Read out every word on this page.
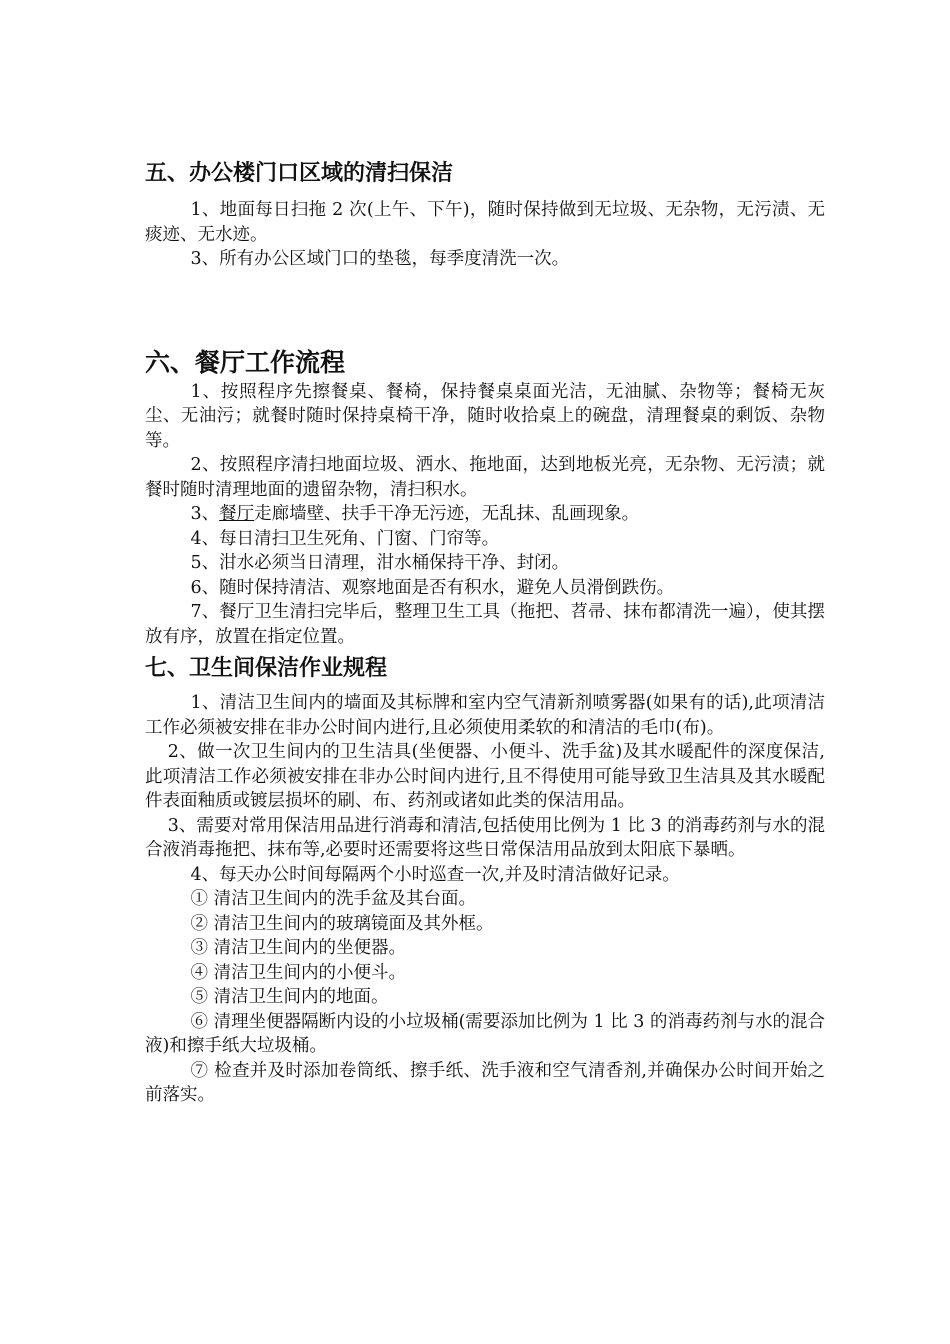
五、办公楼门口区域的清扫保洁

1、地面每日扫拖 2 次(上午、下午)，随时保持做到无垃圾、无杂物，无污渍、无痰迹、无水迹。

3、所有办公区域门口的垫毯，每季度清洗一次。

六、餐厅工作流程

1、按照程序先擦餐桌、餐椅，保持餐桌桌面光洁，无油腻、杂物等；餐椅无灰尘、无油污；就餐时随时保持桌椅干净，随时收拾桌上的碗盘，清理餐桌的剩饭、杂物等。

2、按照程序清扫地面垃圾、洒水、拖地面，达到地板光亮，无杂物、无污渍；就餐时随时清理地面的遗留杂物，清扫积水。

3、餐厅走廊墙壁、扶手干净无污迹，无乱抹、乱画现象。

4、每日清扫卫生死角、门窗、门帘等。

5、泔水必须当日清理，泔水桶保持干净、封闭。

6、随时保持清洁、观察地面是否有积水，避免人员滑倒跌伤。

7、餐厅卫生清扫完毕后，整理卫生工具（拖把、苕帚、抹布都清洗一遍），使其摆放有序，放置在指定位置。

七、卫生间保洁作业规程

1、清洁卫生间内的墙面及其标牌和室内空气清新剂喷雾器(如果有的话),此项清洁工作必须被安排在非办公时间内进行,且必须使用柔软的和清洁的毛巾(布)。

2、做一次卫生间内的卫生洁具(坐便器、小便斗、洗手盆)及其水暖配件的深度保洁,此项清洁工作必须被安排在非办公时间内进行,且不得使用可能导致卫生洁具及其水暖配件表面釉质或镀层损坏的刷、布、药剂或诸如此类的保洁用品。

3、需要对常用保洁用品进行消毒和清洁,包括使用比例为 1 比 3 的消毒药剂与水的混合液消毒拖把、抹布等,必要时还需要将这些日常保洁用品放到太阳底下暴晒。

4、每天办公时间每隔两个小时巡查一次,并及时清洁做好记录。

① 清洁卫生间内的洗手盆及其台面。

② 清洁卫生间内的玻璃镜面及其外框。

③ 清洁卫生间内的坐便器。

④ 清洁卫生间内的小便斗。

⑤ 清洁卫生间内的地面。

⑥ 清理坐便器隔断内设的小垃圾桶(需要添加比例为 1 比 3 的消毒药剂与水的混合液)和擦手纸大垃圾桶。

⑦ 检查并及时添加卷筒纸、擦手纸、洗手液和空气清香剂,并确保办公时间开始之前落实。
